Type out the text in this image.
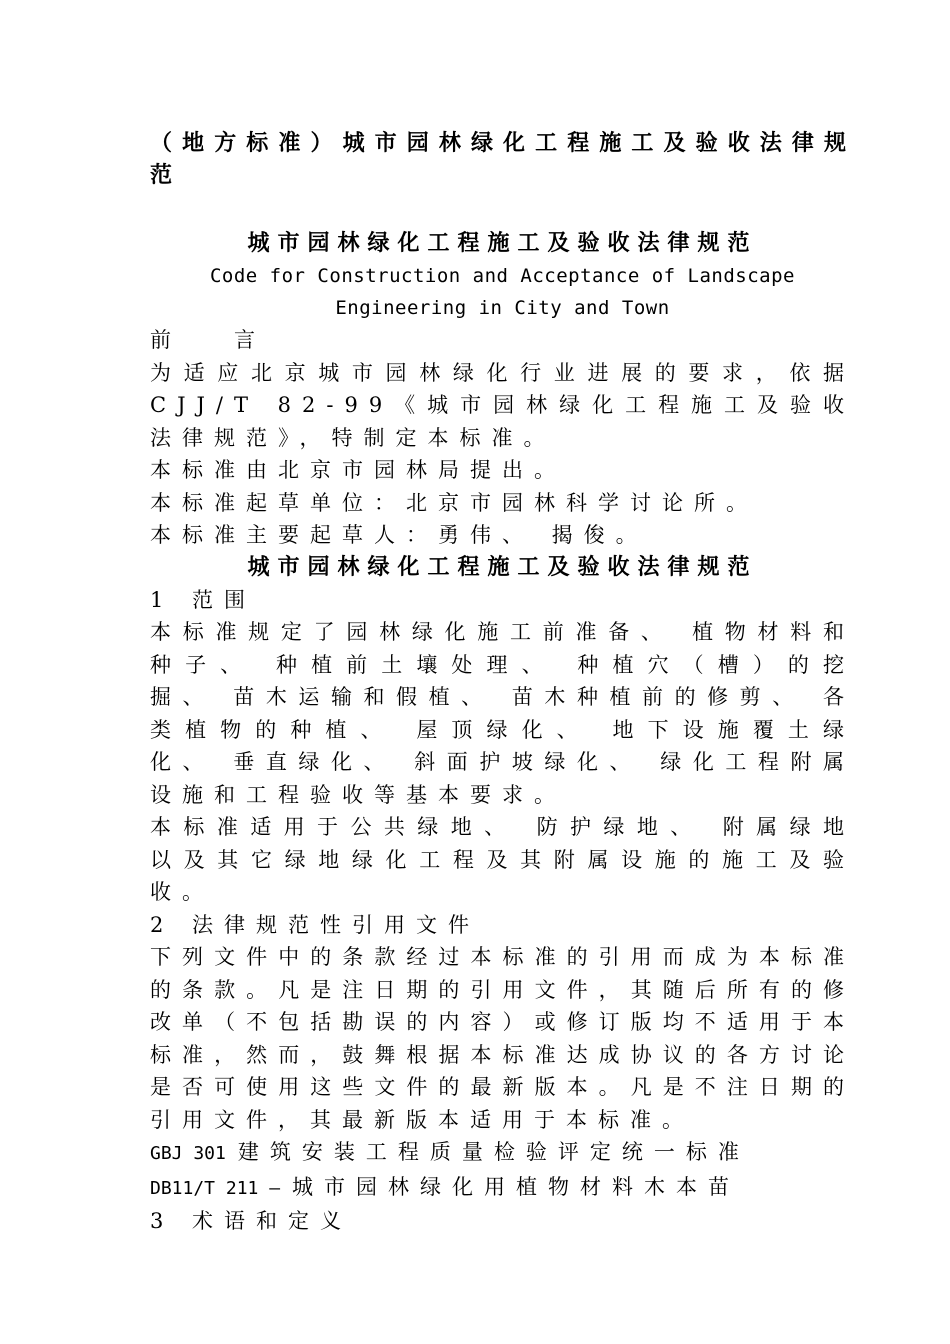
（地方标准）城市园林绿化工程施工及验收法律规范

城市园林绿化工程施工及验收法律规范

Code for Construction and Acceptance of Landscape Engineering in City and Town

前 言

为适应北京城市园林绿化行业进展的要求，依据CJJ/T 82-99《城市园林绿化工程施工及验收法律规范》，特制定本标准。

本标准由北京市园林局提出。

本标准起草单位：北京市园林科学讨论所。

本标准主要起草人：勇伟、 揭俊。

城市园林绿化工程施工及验收法律规范

1 范围

本标准规定了园林绿化施工前准备、 植物材料和种子、 种植前土壤处理、 种植穴（槽）的挖掘、 苗木运输和假植、 苗木种植前的修剪、 各类植物的种植、 屋顶绿化、 地下设施覆土绿化、 垂直绿化、 斜面护坡绿化、 绿化工程附属设施和工程验收等基本要求。

本标准适用于公共绿地、 防护绿地、 附属绿地以及其它绿地绿化工程及其附属设施的施工及验收。

2 法律规范性引用文件

下列文件中的条款经过本标准的引用而成为本标准的条款。凡是注日期的引用文件，其随后所有的修改单（不包括勘误的内容）或修订版均不适用于本标准，然而，鼓舞根据本标准达成协议的各方讨论是否可使用这些文件的最新版本。凡是不注日期的引用文件，其最新版本适用于本标准。

GBJ 301 建筑安装工程质量检验评定统一标准

DB11/T 211 — 城市园林绿化用植物材料木本苗

3 术语和定义
